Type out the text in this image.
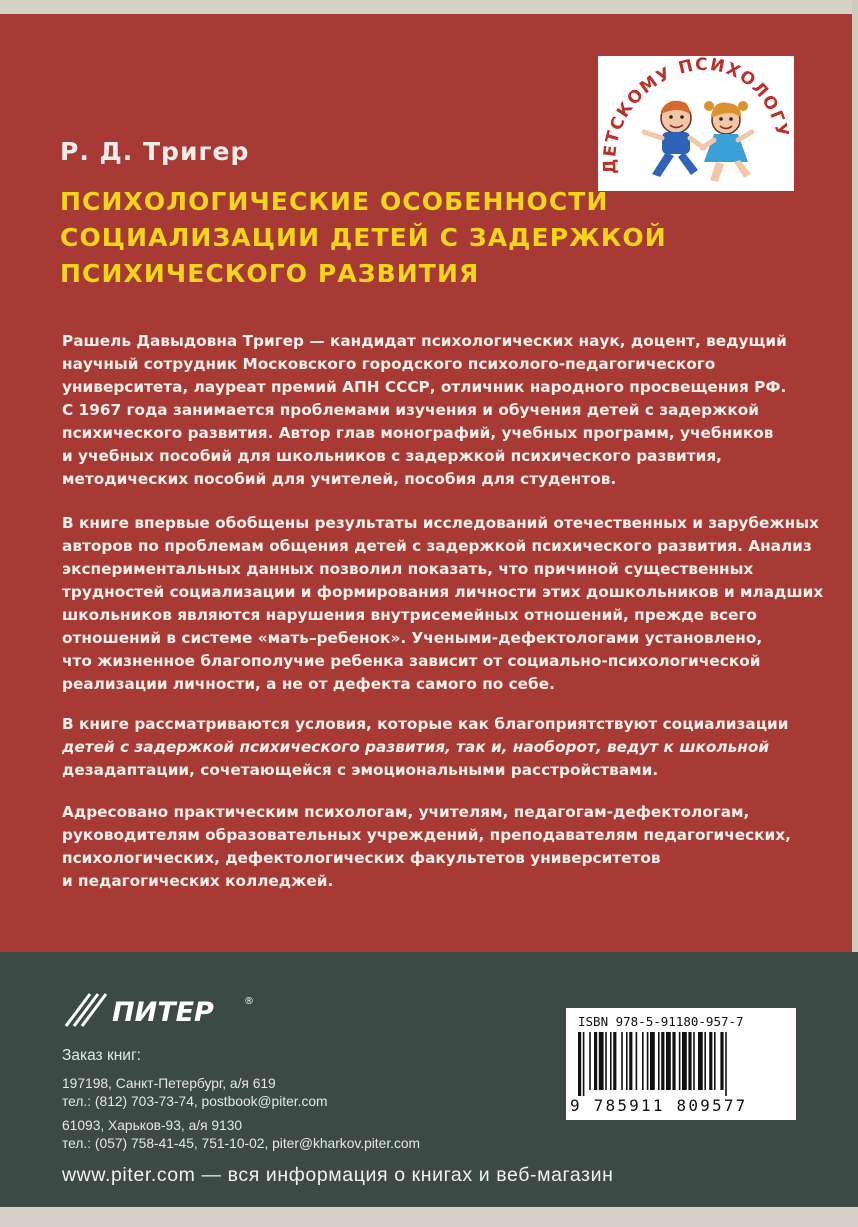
ДЕТСКОМУ ПСИХОЛОГУ
Р. Д. Тригер
ПСИХОЛОГИЧЕСКИЕ ОСОБЕННОСТИ
СОЦИАЛИЗАЦИИ ДЕТЕЙ С ЗАДЕРЖКОЙ
ПСИХИЧЕСКОГО РАЗВИТИЯ
Рашель Давыдовна Тригер — кандидат психологических наук, доцент, ведущий
научный сотрудник Московского городского психолого-педагогического
университета, лауреат премий АПН СССР, отличник народного просвещения РФ.
С 1967 года занимается проблемами изучения и обучения детей с задержкой
психического развития. Автор глав монографий, учебных программ, учебников
и учебных пособий для школьников с задержкой психического развития,
методических пособий для учителей, пособия для студентов.
В книге впервые обобщены результаты исследований отечественных и зарубежных
авторов по проблемам общения детей с задержкой психического развития. Анализ
экспериментальных данных позволил показать, что причиной существенных
трудностей социализации и формирования личности этих дошкольников и младших
школьников являются нарушения внутрисемейных отношений, прежде всего
отношений в системе «мать–ребенок». Учеными-дефектологами установлено,
что жизненное благополучие ребенка зависит от социально-психологической
реализации личности, а не от дефекта самого по себе.
В книге рассматриваются условия, которые как благоприятствуют социализации
детей с задержкой психического развития, так и, наоборот, ведут к школьной
дезадаптации, сочетающейся с эмоциональными расстройствами.
Адресовано практическим психологам, учителям, педагогам-дефектологам,
руководителям образовательных учреждений, преподавателям педагогических,
психологических, дефектологических факультетов университетов
и педагогических колледжей.
ПИТЕР	®
Заказ книг:
197198, Санкт-Петербург, а/я 619
тел.: (812) 703-73-74, postbook@piter.com
61093, Харьков-93, а/я 9130
тел.: (057) 758-41-45, 751-10-02, piter@kharkov.piter.com
www.piter.com — вся информация о книгах и веб-магазин
ISBN 978-5-91180-957-7
9 785911 809577
